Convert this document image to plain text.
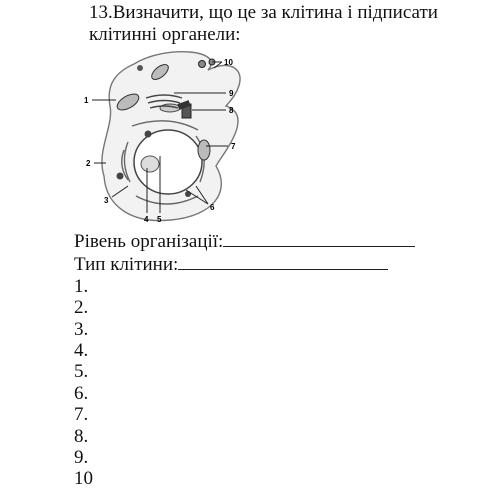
13.Визначити, що це за клітина і підписати
клітинні органели:
1
2
3
4 5
6
7
8
9
10
Рівень організації:
Тип клітини:
1.
2.
3.
4.
5.
6.
7.
8.
9.
10
